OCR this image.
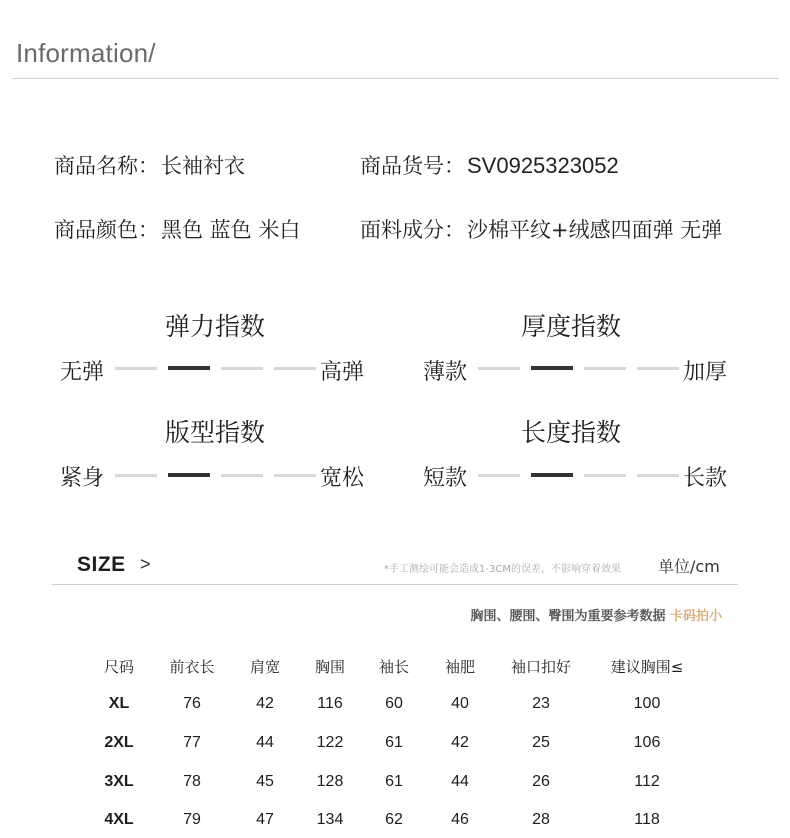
Information/
商品名称：长袖衬衣	商品货号：SV0925323052
商品颜色：黑色 蓝色 米白	面料成分：沙棉平纹+绒感四面弹 无弹
弹力指数
无弹	高弹
厚度指数
薄款	加厚
版型指数
紧身	宽松
长度指数
短款	长款
SIZE >	*手工测绘可能会造成1-3CM的误差，不影响穿着效果 单位/cm
胸围、腰围、臀围为重要参考数据 卡码拍小
尺码 前衣长 肩宽 胸围 袖长 袖肥 袖口扣好	建议胸围≤
XL	76	42	116	60	40	23	100
2XL	77	44	122	61	42	25	106
3XL	78	45	128	61	44	26	112
4XL	79	47	134	62	46	28	118
